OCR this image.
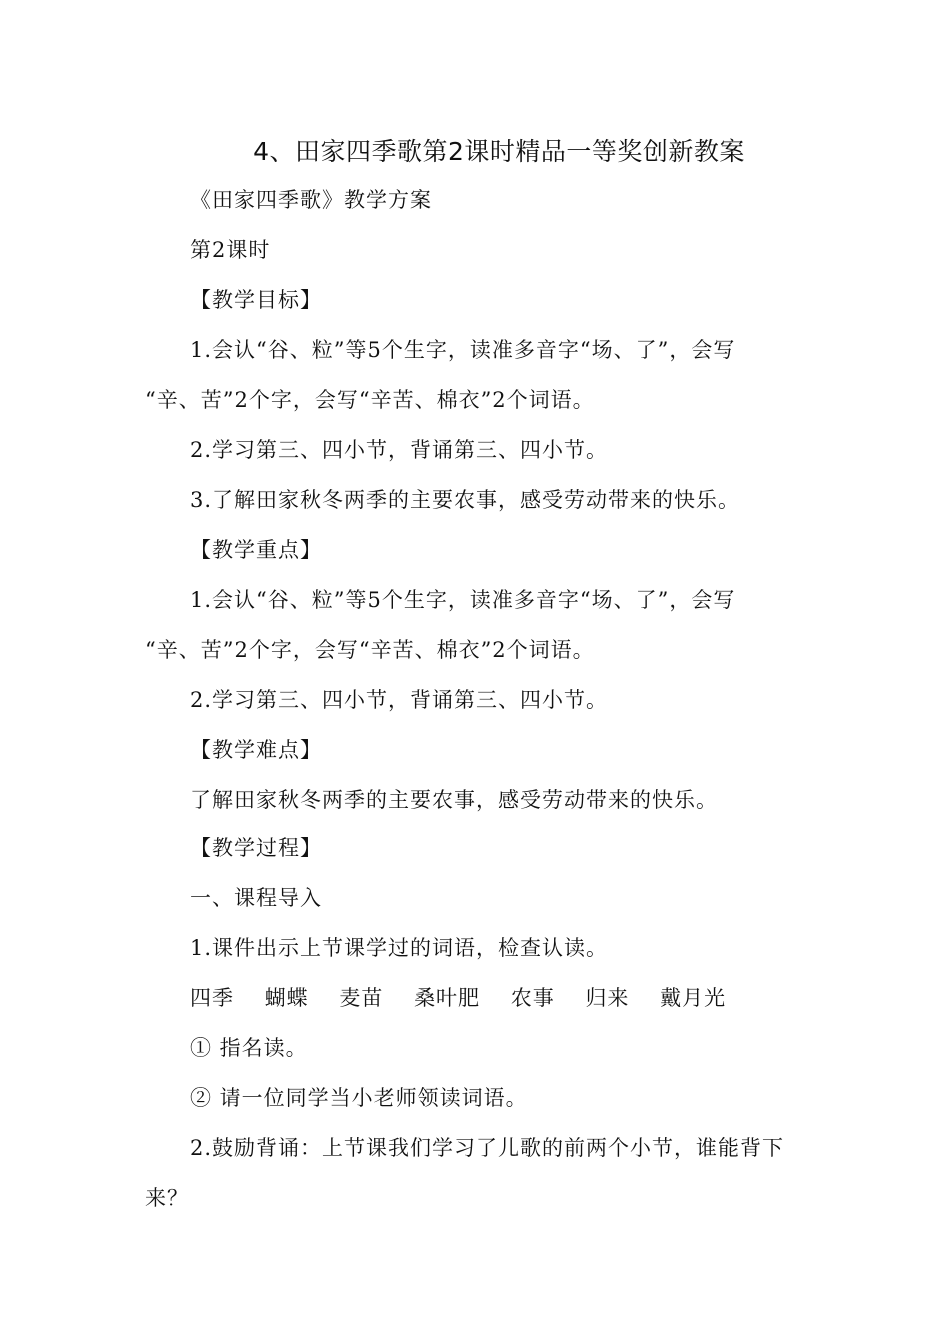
4、田家四季歌第2课时精品一等奖创新教案
《田家四季歌》教学方案
第2课时
【教学目标】
1.会认“谷、粒”等5个生字，读准多音字“场、了”，会写
“辛、苦”2个字，会写“辛苦、棉衣”2个词语。
2.学习第三、四小节，背诵第三、四小节。
3.了解田家秋冬两季的主要农事，感受劳动带来的快乐。
【教学重点】
1.会认“谷、粒”等5个生字，读准多音字“场、了”，会写
“辛、苦”2个字，会写“辛苦、棉衣”2个词语。
2.学习第三、四小节，背诵第三、四小节。
【教学难点】
了解田家秋冬两季的主要农事，感受劳动带来的快乐。
【教学过程】
一、课程导入
1.课件出示上节课学过的词语，检查认读。
四季 蝴蝶 麦苗 桑叶肥 农事 归来 戴月光
① 指名读。
② 请一位同学当小老师领读词语。
2.鼓励背诵：上节课我们学习了儿歌的前两个小节，谁能背下
来？
